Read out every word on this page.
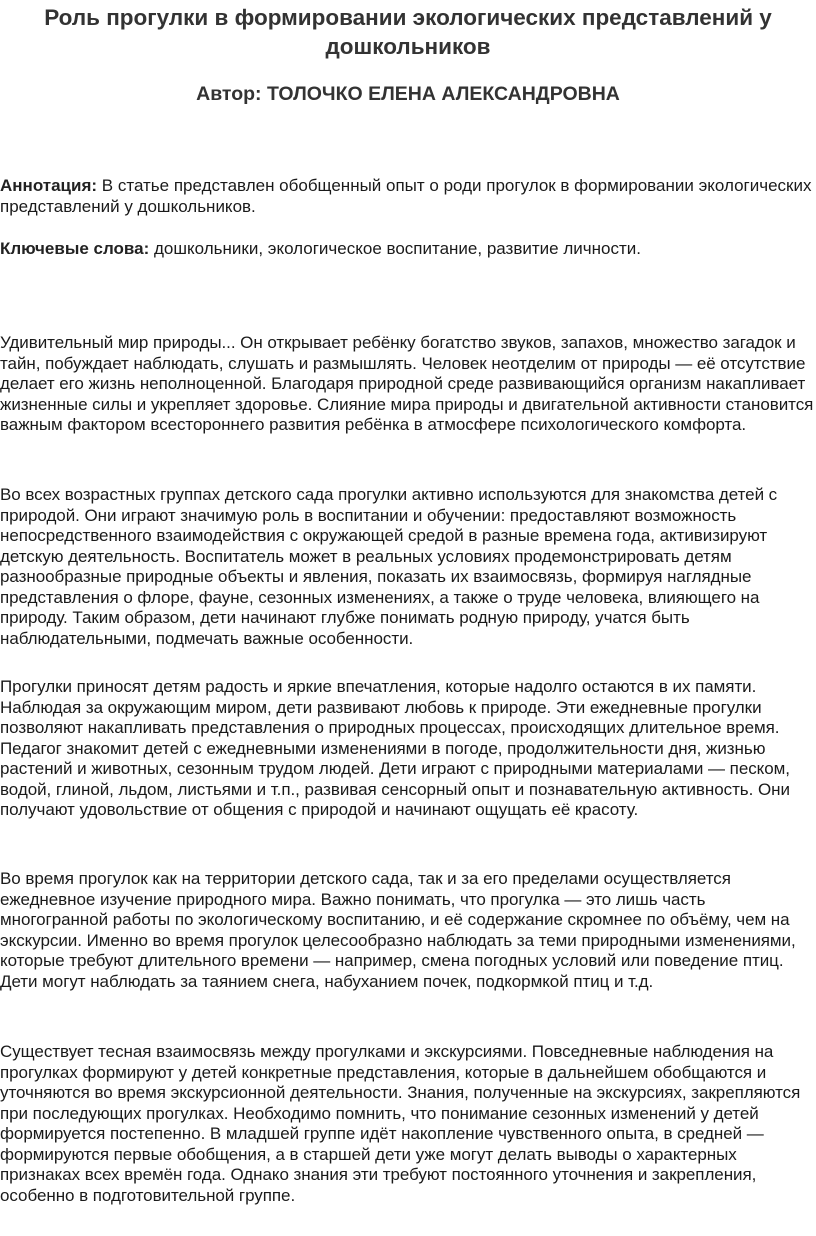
Роль прогулки в формировании экологических представлений у
дошкольников
Автор: ТОЛОЧКО ЕЛЕНА АЛЕКСАНДРОВНА

Аннотация: В статье представлен обобщенный опыт о роди прогулок в формировании экологических представлений у дошкольников.

Ключевые слова: дошкольники, экологическое воспитание, развитие личности.

Удивительный мир природы... Он открывает ребёнку богатство звуков, запахов, множество загадок и тайн, побуждает наблюдать, слушать и размышлять. Человек неотделим от природы — её отсутствие делает его жизнь неполноценной. Благодаря природной среде развивающийся организм накапливает жизненные силы и укрепляет здоровье. Слияние мира природы и двигательной активности становится важным фактором всестороннего развития ребёнка в атмосфере психологического комфорта.

Во всех возрастных группах детского сада прогулки активно используются для знакомства детей с природой. Они играют значимую роль в воспитании и обучении: предоставляют возможность непосредственного взаимодействия с окружающей средой в разные времена года, активизируют детскую деятельность. Воспитатель может в реальных условиях продемонстрировать детям разнообразные природные объекты и явления, показать их взаимосвязь, формируя наглядные представления о флоре, фауне, сезонных изменениях, а также о труде человека, влияющего на природу. Таким образом, дети начинают глубже понимать родную природу, учатся быть наблюдательными, подмечать важные особенности.

Прогулки приносят детям радость и яркие впечатления, которые надолго остаются в их памяти. Наблюдая за окружающим миром, дети развивают любовь к природе. Эти ежедневные прогулки позволяют накапливать представления о природных процессах, происходящих длительное время. Педагог знакомит детей с ежедневными изменениями в погоде, продолжительности дня, жизнью растений и животных, сезонным трудом людей. Дети играют с природными материалами — песком, водой, глиной, льдом, листьями и т.п., развивая сенсорный опыт и познавательную активность. Они получают удовольствие от общения с природой и начинают ощущать её красоту.

Во время прогулок как на территории детского сада, так и за его пределами осуществляется ежедневное изучение природного мира. Важно понимать, что прогулка — это лишь часть многогранной работы по экологическому воспитанию, и её содержание скромнее по объёму, чем на экскурсии. Именно во время прогулок целесообразно наблюдать за теми природными изменениями, которые требуют длительного времени — например, смена погодных условий или поведение птиц. Дети могут наблюдать за таянием снега, набуханием почек, подкормкой птиц и т.д.

Существует тесная взаимосвязь между прогулками и экскурсиями. Повседневные наблюдения на прогулках формируют у детей конкретные представления, которые в дальнейшем обобщаются и уточняются во время экскурсионной деятельности. Знания, полученные на экскурсиях, закрепляются при последующих прогулках. Необходимо помнить, что понимание сезонных изменений у детей формируется постепенно. В младшей группе идёт накопление чувственного опыта, в средней — формируются первые обобщения, а в старшей дети уже могут делать выводы о характерных признаках всех времён года. Однако знания эти требуют постоянного уточнения и закрепления, особенно в подготовительной группе.
